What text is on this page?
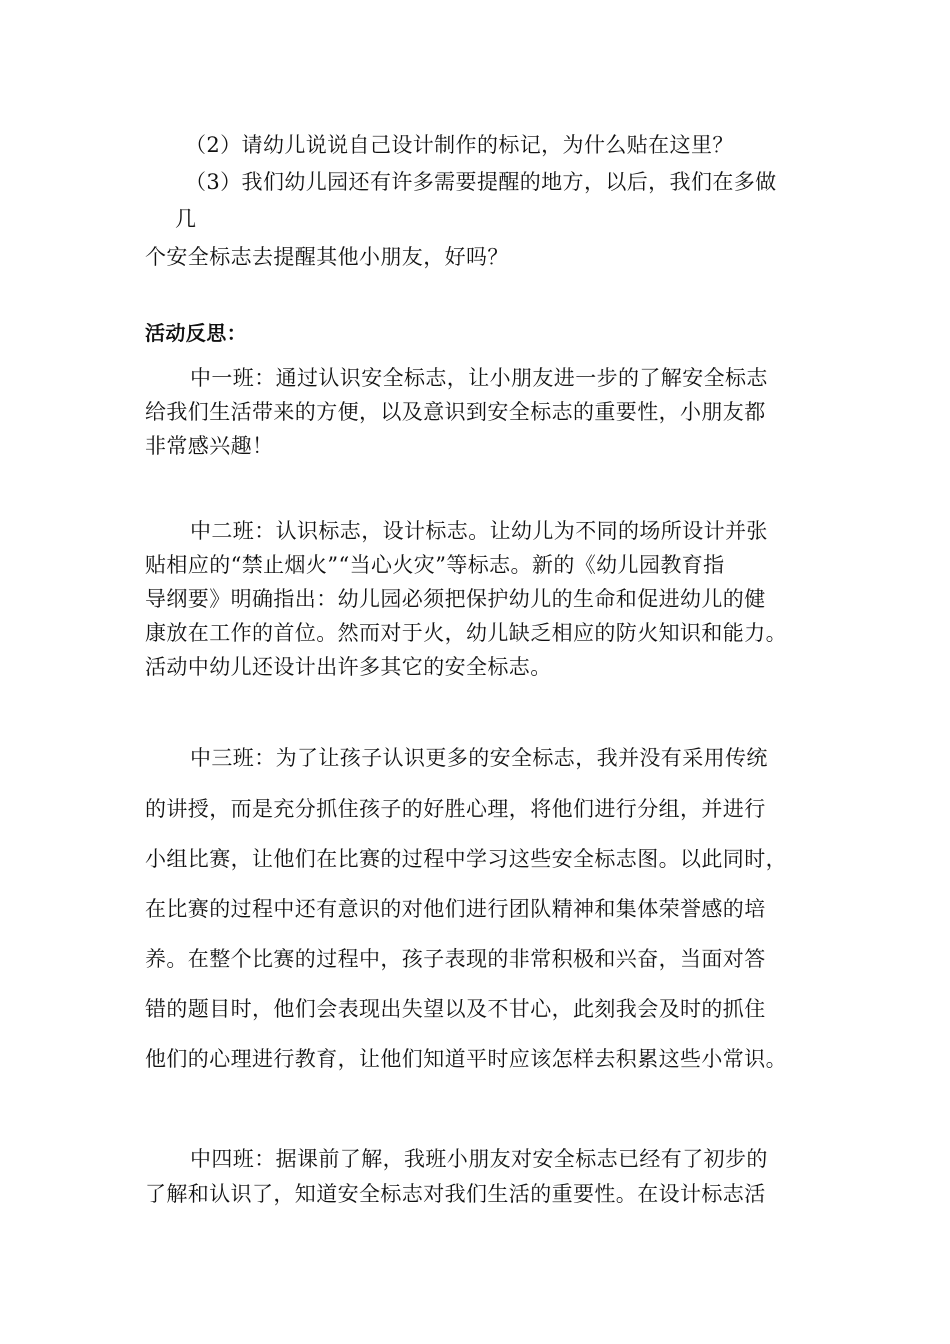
（2）请幼儿说说自己设计制作的标记，为什么贴在这里？
（3）我们幼儿园还有许多需要提醒的地方，以后，我们在多做
几
个安全标志去提醒其他小朋友，好吗？
活动反思：
中一班：通过认识安全标志，让小朋友进一步的了解安全标志
给我们生活带来的方便，以及意识到安全标志的重要性，小朋友都
非常感兴趣！
中二班：认识标志，设计标志。让幼儿为不同的场所设计并张
贴相应的“禁止烟火”“当心火灾”等标志。新的《幼儿园教育指
导纲要》明确指出：幼儿园必须把保护幼儿的生命和促进幼儿的健
康放在工作的首位。然而对于火，幼儿缺乏相应的防火知识和能力。
活动中幼儿还设计出许多其它的安全标志。
中三班：为了让孩子认识更多的安全标志，我并没有采用传统
的讲授，而是充分抓住孩子的好胜心理，将他们进行分组，并进行
小组比赛，让他们在比赛的过程中学习这些安全标志图。以此同时，
在比赛的过程中还有意识的对他们进行团队精神和集体荣誉感的培
养。在整个比赛的过程中，孩子表现的非常积极和兴奋，当面对答
错的题目时，他们会表现出失望以及不甘心，此刻我会及时的抓住
他们的心理进行教育，让他们知道平时应该怎样去积累这些小常识。
中四班：据课前了解，我班小朋友对安全标志已经有了初步的
了解和认识了，知道安全标志对我们生活的重要性。在设计标志活
